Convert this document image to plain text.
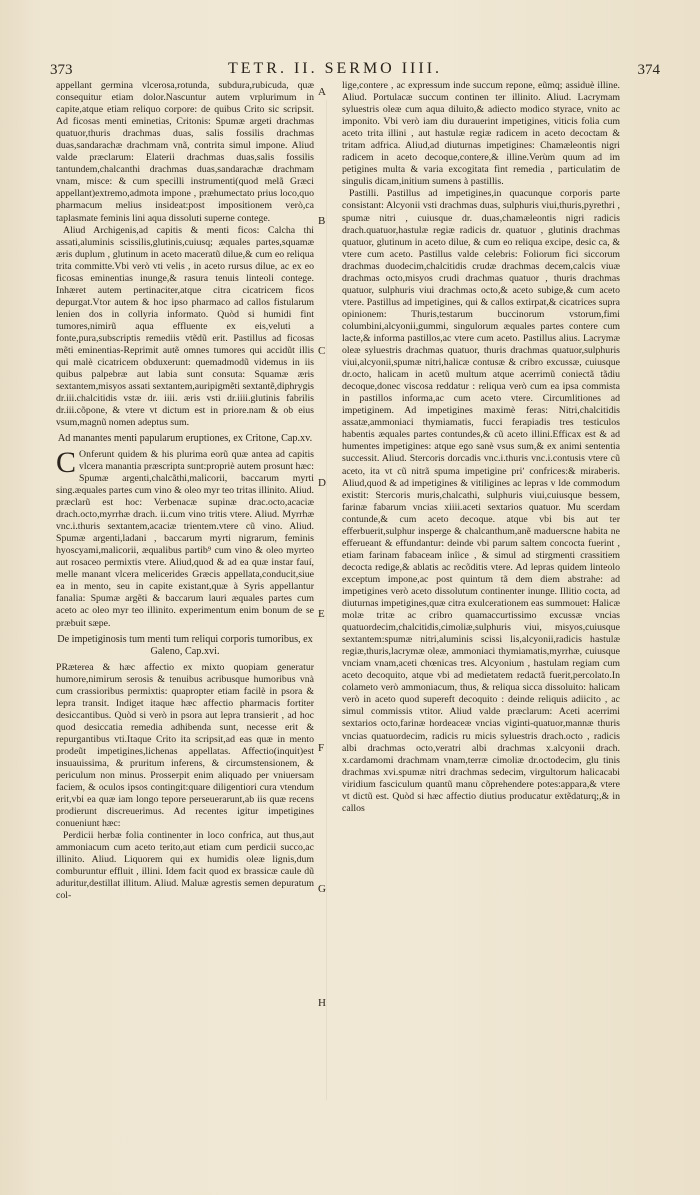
373	TETR. II. SERMO IIII.	374

appellant germina vlcerosa,rotunda, subdura,rubicuda, quæ consequitur etiam dolor.Nascuntur autem vrplurimum in capite,atque etiam reliquo corpore: de quibus Crito sic scripsit. Ad ficosas menti eminetias, Critonis: Spumæ argeti drachmas quatuor,thuris drachmas duas, salis fossilis drachmas duas,sandarachæ drachmam vnã, contrita simul impone. Aliud valde præclarum: Elaterii drachmas duas,salis fossilis tantundem,chalcanthi drachmas duas,sandarachæ drachmam vnam, misce: & cum specilli instrumenti(quod melã Græci appellant)extremo,admota impone , præhumectato prius loco,quo pharmacum melius insideat:post impositionem verò,ca taplasmate feminis lini aqua dissoluti superne contege.

Aliud Archigenis,ad capitis & menti ficos: Calcha thi assati,aluminis scissilis,glutinis,cuiusq; æquales partes,squamæ æris duplum , glutinum in aceto maceratũ dilue,& cum eo reliqua trita committe.Vbi verò vti velis , in aceto rursus dilue, ac ex eo ficosas eminentias inunge,& rasura tenuis linteoli contege. Inhæret autem pertinaciter,atque citra cicatricem ficos depurgat.Vtor autem & hoc ipso pharmaco ad callos fistularum lenien dos in collyria informato. Quòd si humidi fint tumores,nimirũ aqua effluente ex eis,veluti a fonte,pura,subscriptis remediis vtẽdũ erit. Pastillus ad ficosas mẽti eminentias-Reprimit autẽ omnes tumores qui accidũt illis qui malè cicatricem obduxerunt: quemadmodũ videmus in iis quibus palpebræ aut labia sunt consuta: Squamæ æris sextantem,misyos assati sextantem,auripigmẽti sextantẽ,diphrygis dr.iii.chalcitidis vstæ dr. iiii. æris vsti dr.iiii.glutinis fabrilis dr.iii.cõpone, & vtere vt dictum est in priore.nam & ob eius vsum,magnũ nomen adeptus sum.

Ad manantes menti papularum eruptiones, ex Critone, Cap.xv.

C Onferunt quidem & his plurima eorũ quæ antea ad capitis vlcera manantia præscripta sunt:propriè autem prosunt hæc: Spumæ argenti,chalcãthi,malicorii, baccarum myrti sing.æquales partes cum vino & oleo myr teo tritas illinito. Aliud. præclarũ est hoc: Verbenacæ supinæ drac.octo,acaciæ drach.octo,myrrhæ drach. ii.cum vino tritis vtere. Aliud. Myrrhæ vnc.i.thuris sextantem,acaciæ trientem.vtere cũ vino. Aliud. Spumæ argenti,ladani , baccarum myrti nigrarum, feminis hyoscyami,malicorii, æqualibus partib⁹ cum vino & oleo myrteo aut rosaceo permixtis vtere. Aliud,quod & ad ea quæ instar fauí, melle manant vlcera melicerides Græcis appellata,conducit,siue ea in mento, seu in capite existant,quæ à Syris appellantur fanalia: Spumæ argẽti & baccarum lauri æquales partes cum aceto ac oleo myr teo illinito. experimentum enim bonum de se præbuit sæpe.

De impetiginosis tum menti tum reliqui corporis tumoribus, ex Galeno, Cap.xvi.

PRæterea & hæc affectio ex mixto quopiam generatur humore,nimirum serosis & tenuibus acribusque humoribus vnà cum crassioribus permixtis: quapropter etiam facilè in psora & lepra transit. Indiget itaque hæc affectio pharmacis fortiter desiccantibus. Quòd si verò in psora aut lepra transierit , ad hoc quod desiccatia remedia adhibenda sunt, necesse erit & repurgantibus vti.Itaque Crito ita scripsit,ad eas quæ in mento prodeũt impetigines,lichenas appellatas. Affectio(inquit)est insuauissima, & pruritum inferens, & circumstensionem, & periculum non minus. Prosserpit enim aliquado per vniuersam faciem, & oculos ipsos contingit:quare diligentiori cura vtendum erit,vbi ea quæ iam longo tepore perseuerarunt,ab iis quæ recens prodierunt discreuerimus. Ad recentes igitur impetigines conueniunt hæc:

Perdicii herbæ folia continenter in loco confrica, aut thus,aut ammoniacum cum aceto terito,aut etiam cum perdicii succo,ac illinito. Aliud. Liquorem qui ex humidis oleæ lignis,dum comburuntur effluit , illini. Idem facit quod ex brassicæ caule dũ aduritur,destillat illitum. Aliud. Maluæ agrestis semen depuratum col-

A
B
C
D
E
F
G
H

lige,contere , ac expressum inde succum repone, eũmq; assiduè illine. Aliud. Portulacæ succum continen ter illinito. Aliud. Lacrymam syluestris oleæ cum aqua diluito,& adiecto modico styrace, vnito ac imponito. Vbi verò iam diu durauerint impetigines, viticis folia cum aceto trita illini , aut hastulæ regiæ radicem in aceto decoctam & tritam adfrica. Aliud,ad diuturnas impetigines: Chamæleontis nigri radicem in aceto decoque,contere,& illine.Verùm quum ad im petigines multa & varia excogitata fint remedia , particulatim de singulis dicam,initium sumens à pastillis.

Pastilli. Pastillus ad impetigines,in quacunque corporis parte consistant: Alcyonii vsti drachmas duas, sulphuris viui,thuris,pyrethri , spumæ nitri , cuiusque dr. duas,chamæleontis nigri radicis drach.quatuor,hastulæ regiæ radicis dr. quatuor , glutinis drachmas quatuor, glutinum in aceto dilue, & cum eo reliqua excipe, desic ca, & vtere cum aceto. Pastillus valde celebris: Foliorum fici siccorum drachmas duodecim,chalcitidis crudæ drachmas decem,calcis viuæ drachmas octo,misyos crudi drachmas quatuor , thuris drachmas quatuor, sulphuris viui drachmas octo,& aceto subige,& cum aceto vtere. Pastillus ad impetigines, qui & callos extirpat,& cicatrices supra opinionem: Thuris,testarum buccinorum vstorum,fimi columbini,alcyonii,gummi, singulorum æquales partes contere cum lacte,& informa pastillos,ac vtere cum aceto. Pastillus alius. Lacrymæ oleæ syluestris drachmas quatuor, thuris drachmas quatuor,sulphuris viui,alcyonii,spumæ nitri,halicæ contusæ & cribro excussæ, cuiusque dr.octo, halicam in acetũ multum atque acerrimũ coniectã tãdiu decoque,donec viscosa reddatur : reliqua verò cum ea ipsa commista in pastillos informa,ac cum aceto vtere. Circumlitiones ad impetiginem. Ad impetigines maximè feras: Nitri,chalcitidis assatæ,ammoniaci thymiamatis, fucci ferapiadis tres testiculos habentis æquales partes contundes,& cũ aceto illini.Efficax est & ad humentes impetigines: atque ego sanè vsus sum,& ex animi sententia successit. Aliud. Stercoris dorcadis vnc.i.thuris vnc.i.contusis vtere cũ aceto, ita vt cũ nitrã spuma impetigine priʹ confrices:& miraberis. Aliud,quod & ad impetigines & vitiligines ac lepras v lde commodum existit: Stercoris muris,chalcathi, sulphuris viui,cuiusque bessem, farinæ fabarum vncias xiiii.aceti sextarios quatuor. Mu scerdam contunde,& cum aceto decoque. atque vbi bis aut ter efferbuerit,sulphur insperge & chalcanthum,anẽ maduerscne habita ne efferueant & effundantur: deinde vbi parum saltem concocta fuerint , etiam farinam fabaceam inîice , & simul ad stirgmenti crassitiem decocta redige,& ablatis ac recõditis vtere. Ad lepras quidem linteolo exceptum impone,ac post quintum tã dem diem abstrahe: ad impetigines verò aceto dissolutum continenter inunge. Illitio cocta, ad diuturnas impetigines,quæ citra exulcerationem eas summouet: Halicæ molæ tritæ ac cribro quamaccurtissimo excussæ vncias quatuordecim,chalcitidis,cimoliæ,sulphuris viui, misyos,cuiusque sextantem:spumæ nitri,aluminis scissi lis,alcyonii,radicis hastulæ regiæ,thuris,lacrymæ oleæ, ammoniaci thymiamatis,myrrhæ, cuiusque vnciam vnam,aceti chœnicas tres. Alcyonium , hastulam regiam cum aceto decoquito, atque vbi ad medietatem redactã fuerit,percolato.In colameto verò ammoniacum, thus, & reliqua sicca dissoluito: halicam verò in aceto quod supereft decoquito : deinde reliquis adiicito , ac simul commissis vtitor. Aliud valde præclarum: Aceti acerrimi sextarios octo,farinæ hordeaceæ vncias viginti-quatuor,mannæ thuris vncias quatuordecim, radicis ru micis syluestris drach.octo , radicis albi drachmas octo,veratri albi drachmas x.alcyonii drach. x.cardamomi drachmam vnam,terræ cimoliæ dr.octodecim, glu tinis drachmas xvi.spumæ nitri drachmas sedecim, virgultorum halicacabi viridium fasciculum quantũ manu cõprehendere potes:appara,& vtere vt dictũ est. Quòd si hæc affectio diutius producatur extẽdaturq;,& in callos
